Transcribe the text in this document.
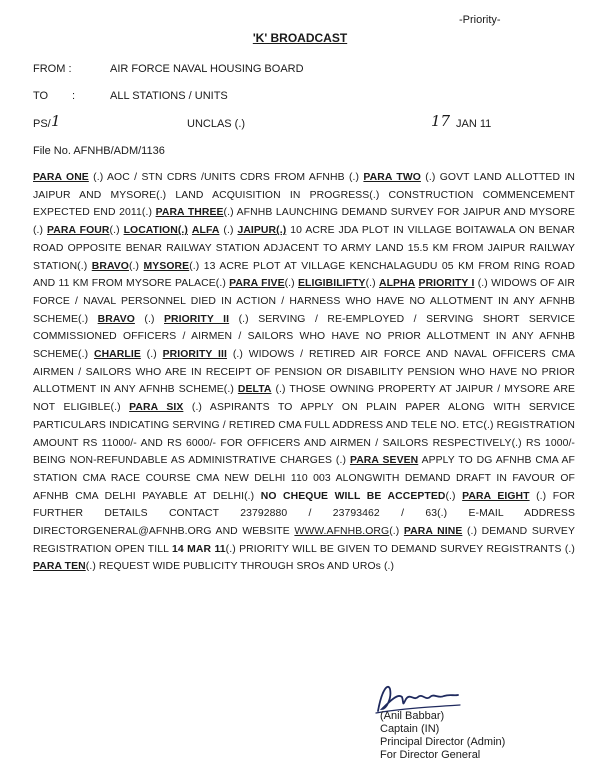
-Priority-
'K' BROADCAST
FROM :	AIR FORCE NAVAL HOUSING BOARD
TO :	ALL STATIONS / UNITS
PS/ 1	UNCLAS (.)	17 JAN 11
File No. AFNHB/ADM/1136
PARA ONE (.) AOC / STN CDRS /UNITS CDRS FROM AFNHB (.) PARA TWO (.) GOVT LAND ALLOTTED IN JAIPUR AND MYSORE(.) LAND ACQUISITION IN PROGRESS(.) CONSTRUCTION COMMENCEMENT EXPECTED END 2011(.) PARA THREE(.) AFNHB LAUNCHING DEMAND SURVEY FOR JAIPUR AND MYSORE (.) PARA FOUR(.) LOCATION(.) ALFA (.) JAIPUR(.) 10 ACRE JDA PLOT IN VILLAGE BOITAWALA ON BENAR ROAD OPPOSITE BENAR RAILWAY STATION ADJACENT TO ARMY LAND 15.5 KM FROM JAIPUR RAILWAY STATION(.) BRAVO(.) MYSORE(.) 13 ACRE PLOT AT VILLAGE KENCHALAGUDU 05 KM FROM RING ROAD AND 11 KM FROM MYSORE PALACE(.) PARA FIVE(.) ELIGIBILIFTY(.) ALPHA PRIORITY I (.) WIDOWS OF AIR FORCE / NAVAL PERSONNEL DIED IN ACTION / HARNESS WHO HAVE NO ALLOTMENT IN ANY AFNHB SCHEME(.) BRAVO (.) PRIORITY II (.) SERVING / RE-EMPLOYED / SERVING SHORT SERVICE COMMISSIONED OFFICERS / AIRMEN / SAILORS WHO HAVE NO PRIOR ALLOTMENT IN ANY AFNHB SCHEME(.) CHARLIE (.) PRIORITY III (.) WIDOWS / RETIRED AIR FORCE AND NAVAL OFFICERS CMA AIRMEN / SAILORS WHO ARE IN RECEIPT OF PENSION OR DISABILITY PENSION WHO HAVE NO PRIOR ALLOTMENT IN ANY AFNHB SCHEME(.) DELTA (.) THOSE OWNING PROPERTY AT JAIPUR / MYSORE ARE NOT ELIGIBLE(.) PARA SIX (.) ASPIRANTS TO APPLY ON PLAIN PAPER ALONG WITH SERVICE PARTICULARS INDICATING SERVING / RETIRED CMA FULL ADDRESS AND TELE NO. ETC(.) REGISTRATION AMOUNT RS 11000/- AND RS 6000/- FOR OFFICERS AND AIRMEN / SAILORS RESPECTIVELY(.) RS 1000/- BEING NON-REFUNDABLE AS ADMINISTRATIVE CHARGES (.) PARA SEVEN APPLY TO DG AFNHB CMA AF STATION CMA RACE COURSE CMA NEW DELHI 110 003 ALONGWITH DEMAND DRAFT IN FAVOUR OF AFNHB CMA DELHI PAYABLE AT DELHI(.) NO CHEQUE WILL BE ACCEPTED(.) PARA EIGHT (.) FOR FURTHER DETAILS CONTACT 23792880 / 23793462 / 63(.) E-MAIL ADDRESS DIRECTORGENERAL@AFNHB.ORG AND WEBSITE WWW.AFNHB.ORG(.) PARA NINE (.) DEMAND SURVEY REGISTRATION OPEN TILL 14 MAR 11(.) PRIORITY WILL BE GIVEN TO DEMAND SURVEY REGISTRANTS (.) PARA TEN(.) REQUEST WIDE PUBLICITY THROUGH SROs AND UROs (.)
(Anil Babbar)
Captain (IN)
Principal Director (Admin)
For Director General
